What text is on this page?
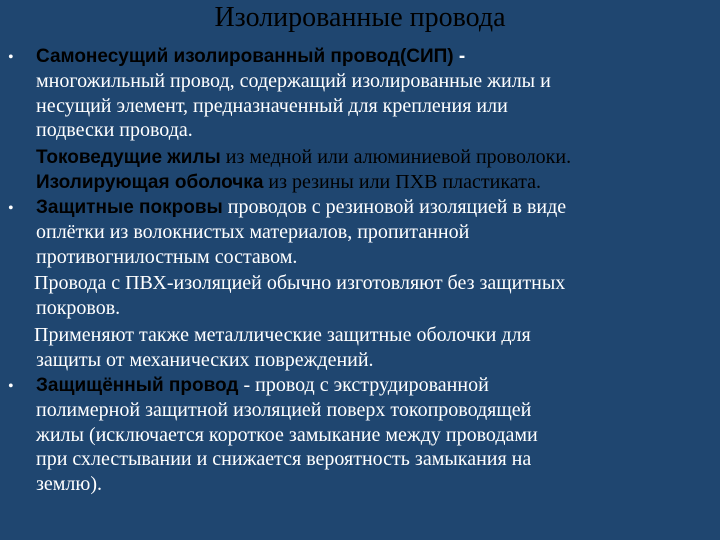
Изолированные провода
• Самонесущий изолированный провод(СИП) -
многожильный провод, содержащий изолированные жилы и
несущий элемент, предназначенный для крепления или
подвески провода.
Токоведущие жилы из медной или алюминиевой проволоки.
Изолирующая оболочка из резины или ПХВ пластиката.
• Защитные покровы проводов с резиновой изоляцией в виде
оплётки из волокнистых материалов, пропитанной
противогнилостным составом.
Провода с ПВХ-изоляцией обычно изготовляют без защитных
покровов.
Применяют также металлические защитные оболочки для
защиты от механических повреждений.
• Защищённый провод - провод с экструдированной
полимерной защитной изоляцией поверх токопроводящей
жилы (исключается короткое замыкание между проводами
при схлестывании и снижается вероятность замыкания на
землю).
